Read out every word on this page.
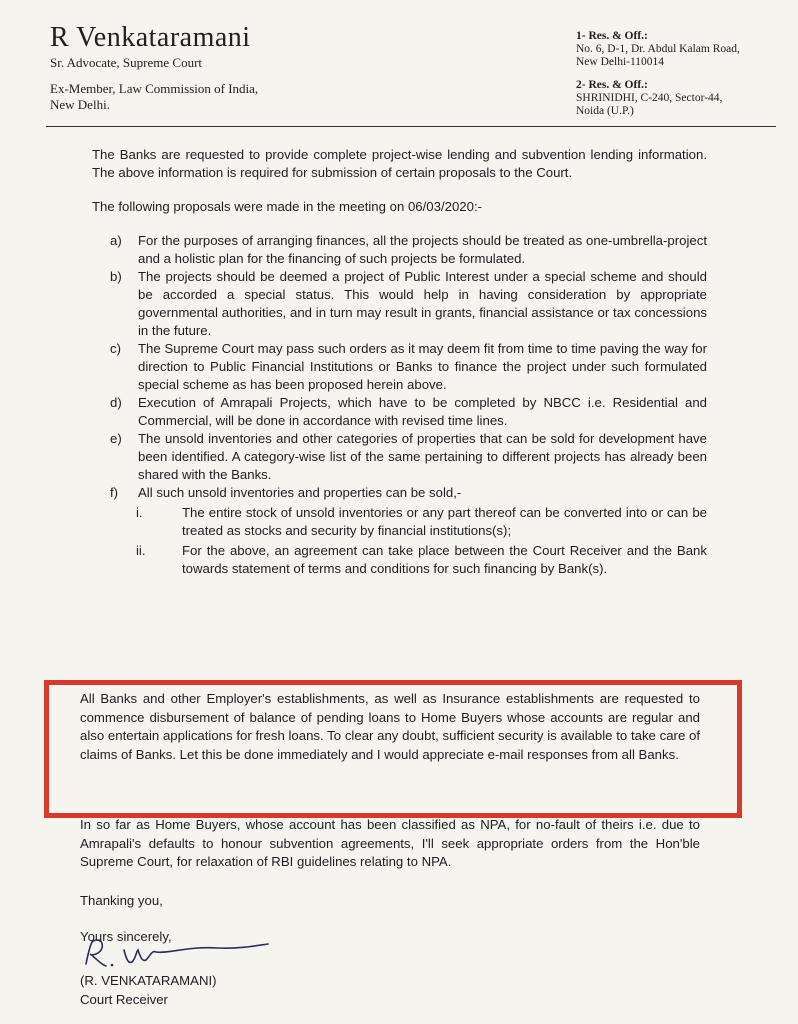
R Venkataramani
Sr. Advocate, Supreme Court
Ex-Member, Law Commission of India,
New Delhi.
1- Res. & Off.:
No. 6, D-1, Dr. Abdul Kalam Road,
New Delhi-110014
2- Res. & Off.:
SHRINIDHI, C-240, Sector-44,
Noida (U.P.)

The Banks are requested to provide complete project-wise lending and subvention lending information. The above information is required for submission of certain proposals to the Court.

The following proposals were made in the meeting on 06/03/2020:-

a) For the purposes of arranging finances, all the projects should be treated as one-umbrella-project and a holistic plan for the financing of such projects be formulated.
b) The projects should be deemed a project of Public Interest under a special scheme and should be accorded a special status. This would help in having consideration by appropriate governmental authorities, and in turn may result in grants, financial assistance or tax concessions in the future.
c) The Supreme Court may pass such orders as it may deem fit from time to time paving the way for direction to Public Financial Institutions or Banks to finance the project under such formulated special scheme as has been proposed herein above.
d) Execution of Amrapali Projects, which have to be completed by NBCC i.e. Residential and Commercial, will be done in accordance with revised time lines.
e) The unsold inventories and other categories of properties that can be sold for development have been identified. A category-wise list of the same pertaining to different projects has already been shared with the Banks.
f) All such unsold inventories and properties can be sold,-
i.	The entire stock of unsold inventories or any part thereof can be converted into or can be treated as stocks and security by financial institutions(s);
ii.	For the above, an agreement can take place between the Court Receiver and the Bank towards statement of terms and conditions for such financing by Bank(s).

All Banks and other Employer's establishments, as well as Insurance establishments are requested to commence disbursement of balance of pending loans to Home Buyers whose accounts are regular and also entertain applications for fresh loans. To clear any doubt, sufficient security is available to take care of claims of Banks. Let this be done immediately and I would appreciate e-mail responses from all Banks.

In so far as Home Buyers, whose account has been classified as NPA, for no-fault of theirs i.e. due to Amrapali's defaults to honour subvention agreements, I'll seek appropriate orders from the Hon'ble Supreme Court, for relaxation of RBI guidelines relating to NPA.

Thanking you,
Yours sincerely,
(R. VENKATARAMANI)
Court Receiver
